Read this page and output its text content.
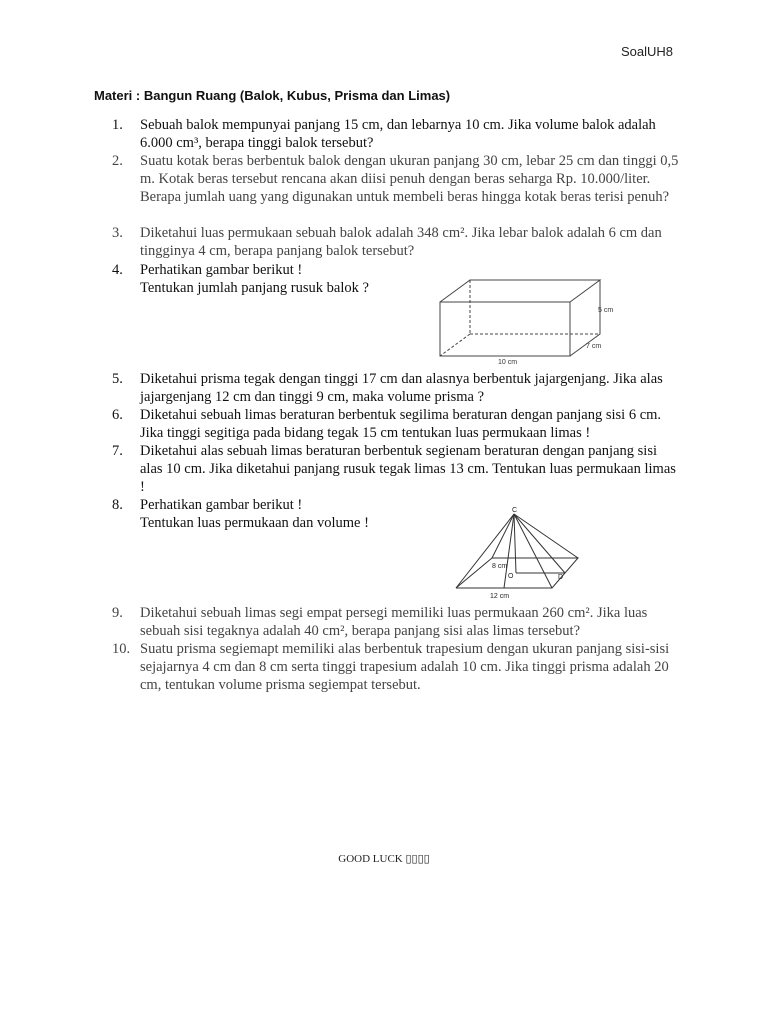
SoalUH8
Materi : Bangun Ruang (Balok, Kubus, Prisma dan Limas)
1. Sebuah balok mempunyai panjang 15 cm, dan lebarnya 10 cm. Jika volume balok adalah 6.000 cm³, berapa tinggi balok tersebut?
2. Suatu kotak beras berbentuk balok dengan ukuran panjang 30 cm, lebar 25 cm dan tinggi 0,5 m. Kotak beras tersebut rencana akan diisi penuh dengan beras seharga Rp. 10.000/liter. Berapa jumlah uang yang digunakan untuk membeli beras hingga kotak beras terisi penuh?
3. Diketahui luas permukaan sebuah balok adalah 348 cm². Jika lebar balok adalah 6 cm dan tingginya 4 cm, berapa panjang balok tersebut?
4. Perhatikan gambar berikut !
Tentukan jumlah panjang rusuk balok ?
10 cm
7 cm
5 cm
5. Diketahui prisma tegak dengan tinggi 17 cm dan alasnya berbentuk jajargenjang. Jika alas jajargenjang 12 cm dan tinggi 9 cm, maka volume prisma ?
6. Diketahui sebuah limas beraturan berbentuk segilima beraturan dengan panjang sisi 6 cm. Jika tinggi segitiga pada bidang tegak 15 cm tentukan luas permukaan limas !
7. Diketahui alas sebuah limas beraturan berbentuk segienam beraturan dengan panjang sisi alas 10 cm. Jika diketahui panjang rusuk tegak limas 13 cm. Tentukan luas permukaan limas !
8. Perhatikan gambar berikut !
Tentukan luas permukaan dan volume !
C
8 cm
O	D
12 cm
9. Diketahui sebuah limas segi empat persegi memiliki luas permukaan 260 cm². Jika luas sebuah sisi tegaknya adalah 40 cm², berapa panjang sisi alas limas tersebut?
10. Suatu prisma segiemapt memiliki alas berbentuk trapesium dengan ukuran panjang sisi-sisi sejajarnya 4 cm dan 8 cm serta tinggi trapesium adalah 10 cm. Jika tinggi prisma adalah 20 cm, tentukan volume prisma segiempat tersebut.
GOOD LUCK ▯▯▯▯
